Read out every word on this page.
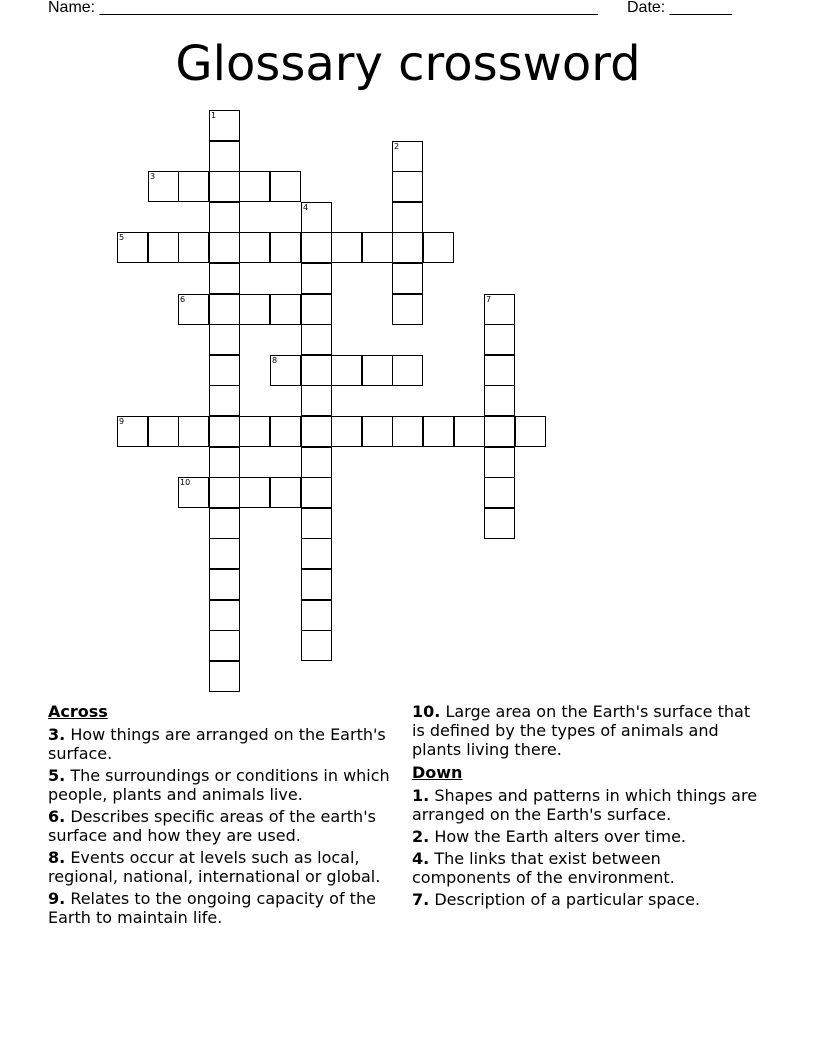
Name: ________________________________________________________ Date: _______
Glossary crossword
1
2
3
4
5
6	7
8
9
10
Across
3. How things are arranged on the Earth's surface.
5. The surroundings or conditions in which people, plants and animals live.
6. Describes specific areas of the earth's surface and how they are used.
8. Events occur at levels such as local, regional, national, international or global.
9. Relates to the ongoing capacity of the Earth to maintain life.
10. Large area on the Earth's surface that is defined by the types of animals and plants living there.
Down
1. Shapes and patterns in which things are arranged on the Earth's surface.
2. How the Earth alters over time.
4. The links that exist between components of the environment.
7. Description of a particular space.
